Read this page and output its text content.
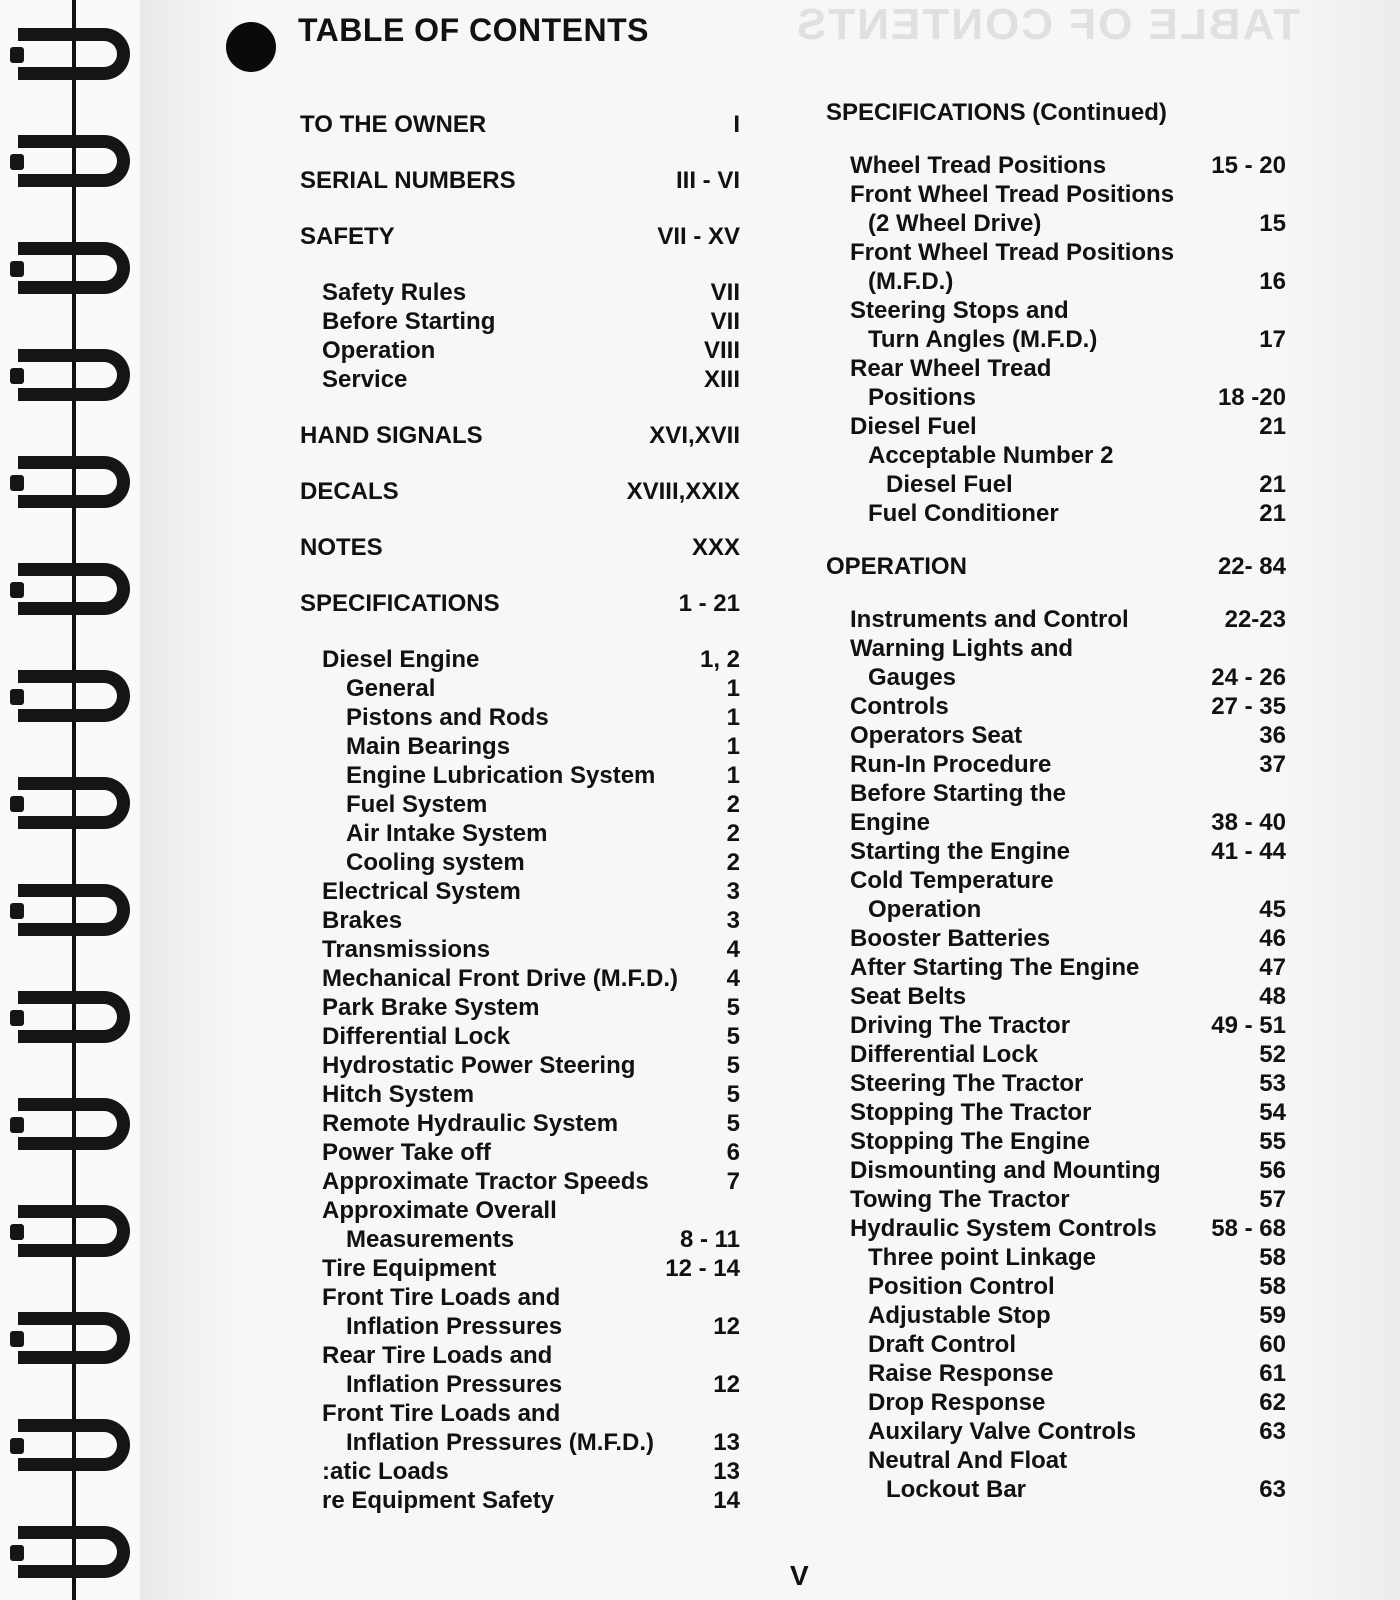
TABLE OF CONTENTS
TABLE OF CONTENTS
TO THE OWNER	I
SERIAL NUMBERS	III - VI
SAFETY	VII - XV
Safety Rules	VII
Before Starting	VII
Operation	VIII
Service	XIII
HAND SIGNALS	XVI,XVII
DECALS	XVIII,XXIX
NOTES	XXX
SPECIFICATIONS	1 - 21
Diesel Engine	1, 2
General	1
Pistons and Rods	1
Main Bearings	1
Engine Lubrication System	1
Fuel System	2
Air Intake System	2
Cooling system	2
Electrical System	3
Brakes	3
Transmissions	4
Mechanical Front Drive (M.F.D.) 4
Park Brake System	5
Differential Lock	5
Hydrostatic Power Steering	5
Hitch System	5
Remote Hydraulic System	5
Power Take off	6
Approximate Tractor Speeds	7
Approximate Overall
Measurements	8 - 11
Tire Equipment	12 - 14
Front Tire Loads and
Inflation Pressures	12
Rear Tire Loads and
Inflation Pressures	12
Front Tire Loads and
Inflation Pressures (M.F.D.) 13
:atic Loads	13
re Equipment Safety	14
SPECIFICATIONS (Continued)
Wheel Tread Positions	15 - 20
Front Wheel Tread Positions
(2 Wheel Drive)	15
Front Wheel Tread Positions
(M.F.D.)	16
Steering Stops and
Turn Angles (M.F.D.)	17
Rear Wheel Tread
Positions	18 -20
Diesel Fuel	21
Acceptable Number 2
Diesel Fuel	21
Fuel Conditioner	21
OPERATION	22- 84
Instruments and Control	22-23
Warning Lights and
Gauges	24 - 26
Controls	27 - 35
Operators Seat	36
Run-In Procedure	37
Before Starting the
Engine	38 - 40
Starting the Engine	41 - 44
Cold Temperature
Operation	45
Booster Batteries	46
After Starting The Engine	47
Seat Belts	48
Driving The Tractor	49 - 51
Differential Lock	52
Steering The Tractor	53
Stopping The Tractor	54
Stopping The Engine	55
Dismounting and Mounting	56
Towing The Tractor	57
Hydraulic System Controls 58 - 68
Three point Linkage	58
Position Control	58
Adjustable Stop	59
Draft Control	60
Raise Response	61
Drop Response	62
Auxilary Valve Controls	63
Neutral And Float
Lockout Bar	63
V
